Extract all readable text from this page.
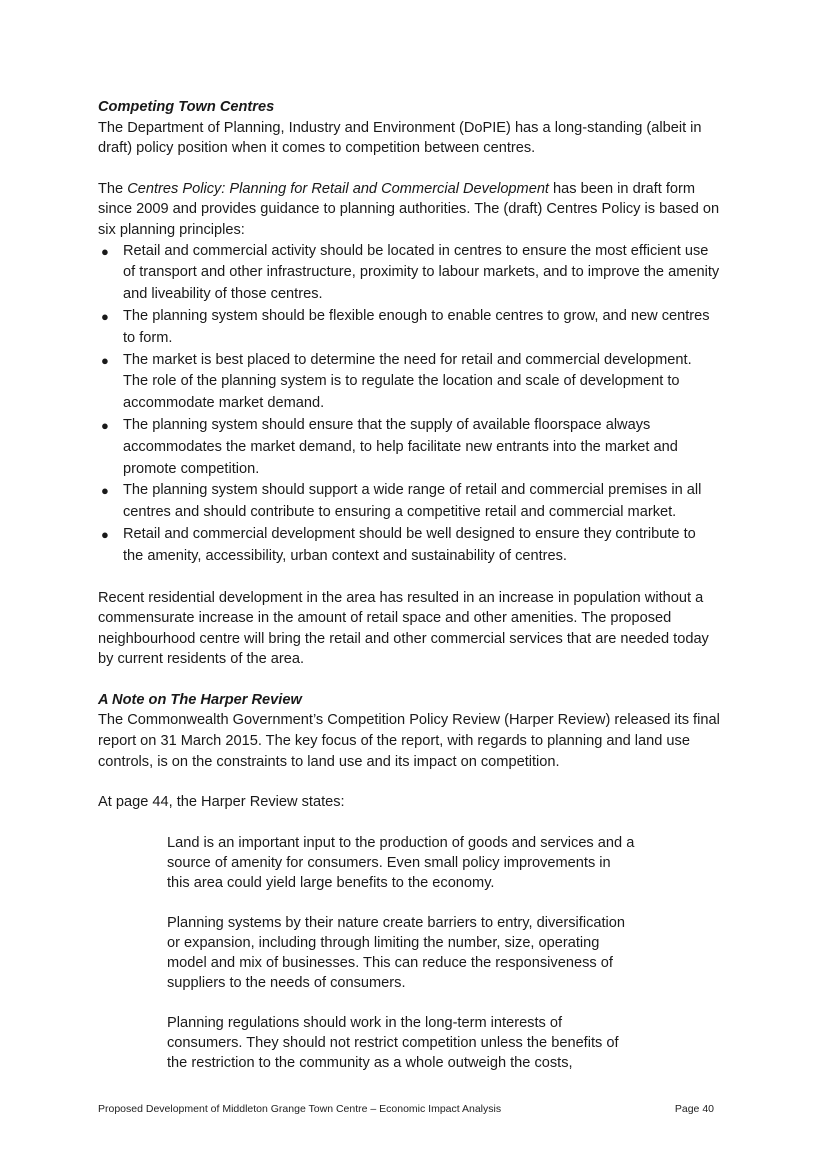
Competing Town Centres

The Department of Planning, Industry and Environment (DoPIE) has a long-standing (albeit in draft) policy position when it comes to competition between centres.

The Centres Policy: Planning for Retail and Commercial Development has been in draft form since 2009 and provides guidance to planning authorities. The (draft) Centres Policy is based on six planning principles:

● Retail and commercial activity should be located in centres to ensure the most efficient use of transport and other infrastructure, proximity to labour markets, and to improve the amenity and liveability of those centres.
● The planning system should be flexible enough to enable centres to grow, and new centres to form.
● The market is best placed to determine the need for retail and commercial development. The role of the planning system is to regulate the location and scale of development to accommodate market demand.
● The planning system should ensure that the supply of available floorspace always accommodates the market demand, to help facilitate new entrants into the market and promote competition.
● The planning system should support a wide range of retail and commercial premises in all centres and should contribute to ensuring a competitive retail and commercial market.
● Retail and commercial development should be well designed to ensure they contribute to the amenity, accessibility, urban context and sustainability of centres.

Recent residential development in the area has resulted in an increase in population without a commensurate increase in the amount of retail space and other amenities. The proposed neighbourhood centre will bring the retail and other commercial services that are needed today by current residents of the area.

A Note on The Harper Review

The Commonwealth Government’s Competition Policy Review (Harper Review) released its final report on 31 March 2015. The key focus of the report, with regards to planning and land use controls, is on the constraints to land use and its impact on competition.

At page 44, the Harper Review states:

Land is an important input to the production of goods and services and a source of amenity for consumers. Even small policy improvements in this area could yield large benefits to the economy.

Planning systems by their nature create barriers to entry, diversification or expansion, including through limiting the number, size, operating model and mix of businesses. This can reduce the responsiveness of suppliers to the needs of consumers.

Planning regulations should work in the long-term interests of consumers. They should not restrict competition unless the benefits of the restriction to the community as a whole outweigh the costs,

Proposed Development of Middleton Grange Town Centre – Economic Impact Analysis	Page 40
